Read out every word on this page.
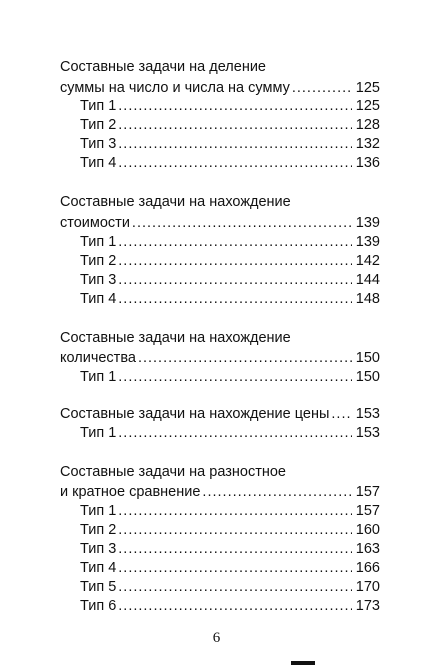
Составные задачи на деление
суммы на число и числа на сумму .....	125
Тип 1 .....	125
Тип 2 .....	128
Тип 3 .....	132
Тип 4 .....	136
Составные задачи на нахождение
стоимости .....	139
Тип 1 .....	139
Тип 2 .....	142
Тип 3 .....	144
Тип 4 .....	148
Составные задачи на нахождение
количества .....	150
Тип 1 .....	150
Составные задачи на нахождение цены ..... 153
Тип 1 .....	153
Составные задачи на разностное
и кратное сравнение .....	157
Тип 1 .....	157
Тип 2 .....	160
Тип 3 .....	163
Тип 4 .....	166
Тип 5 .....	170
Тип 6 .....	173
6
